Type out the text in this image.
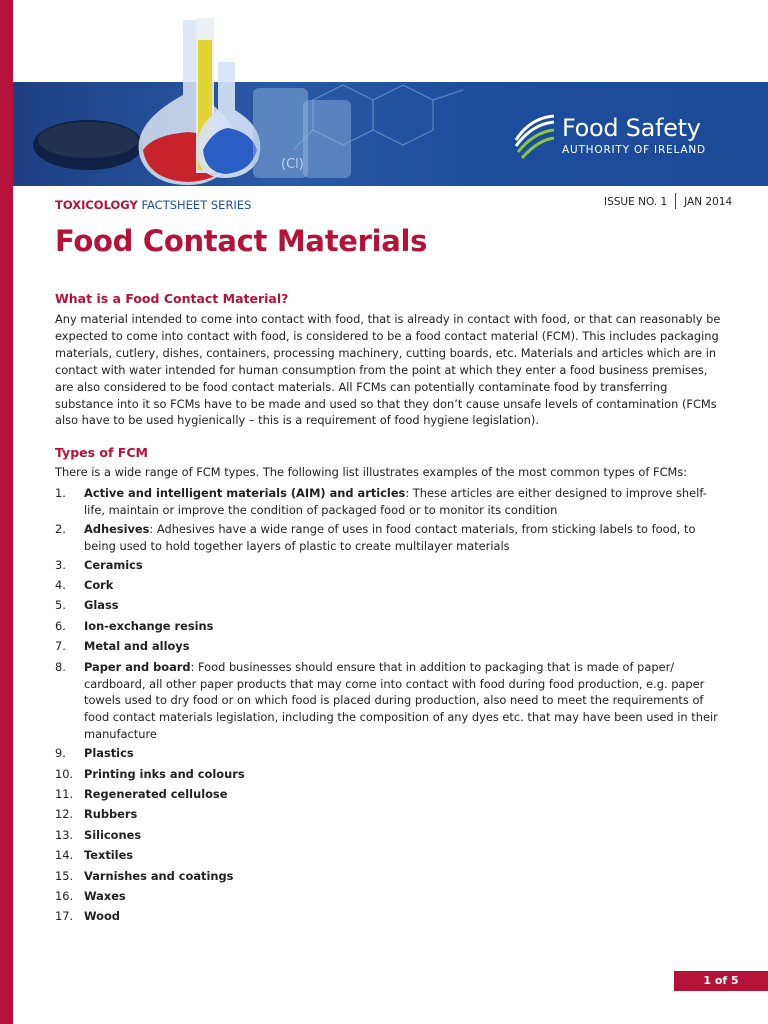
(Cl)
Food Safety
AUTHORITY OF IRELAND
TOXICOLOGY FACTSHEET SERIES	ISSUE NO. 1 JAN 2014
Food Contact Materials

What is a Food Contact Material?

Any material intended to come into contact with food, that is already in contact with food, or that can reasonably be expected to come into contact with food, is considered to be a food contact material (FCM). This includes packaging materials, cutlery, dishes, containers, processing machinery, cutting boards, etc. Materials and articles which are in contact with water intended for human consumption from the point at which they enter a food business premises, are also considered to be food contact materials. All FCMs can potentially contaminate food by transferring substance into it so FCMs have to be made and used so that they don’t cause unsafe levels of contamination (FCMs also have to be used hygienically – this is a requirement of food hygiene legislation).

Types of FCM

There is a wide range of FCM types. The following list illustrates examples of the most common types of FCMs:

1. Active and intelligent materials (AIM) and articles: These articles are either designed to improve shelf-life, maintain or improve the condition of packaged food or to monitor its condition
2. Adhesives: Adhesives have a wide range of uses in food contact materials, from sticking labels to food, to being used to hold together layers of plastic to create multilayer materials
3. Ceramics
4. Cork
5. Glass
6. Ion-exchange resins
7. Metal and alloys
8. Paper and board: Food businesses should ensure that in addition to packaging that is made of paper/ cardboard, all other paper products that may come into contact with food during food production, e.g. paper towels used to dry food or on which food is placed during production, also need to meet the requirements of food contact materials legislation, including the composition of any dyes etc. that may have been used in their manufacture
9. Plastics
10. Printing inks and colours
11. Regenerated cellulose
12. Rubbers
13. Silicones
14. Textiles
15. Varnishes and coatings
16. Waxes
17. Wood
1 of 5
